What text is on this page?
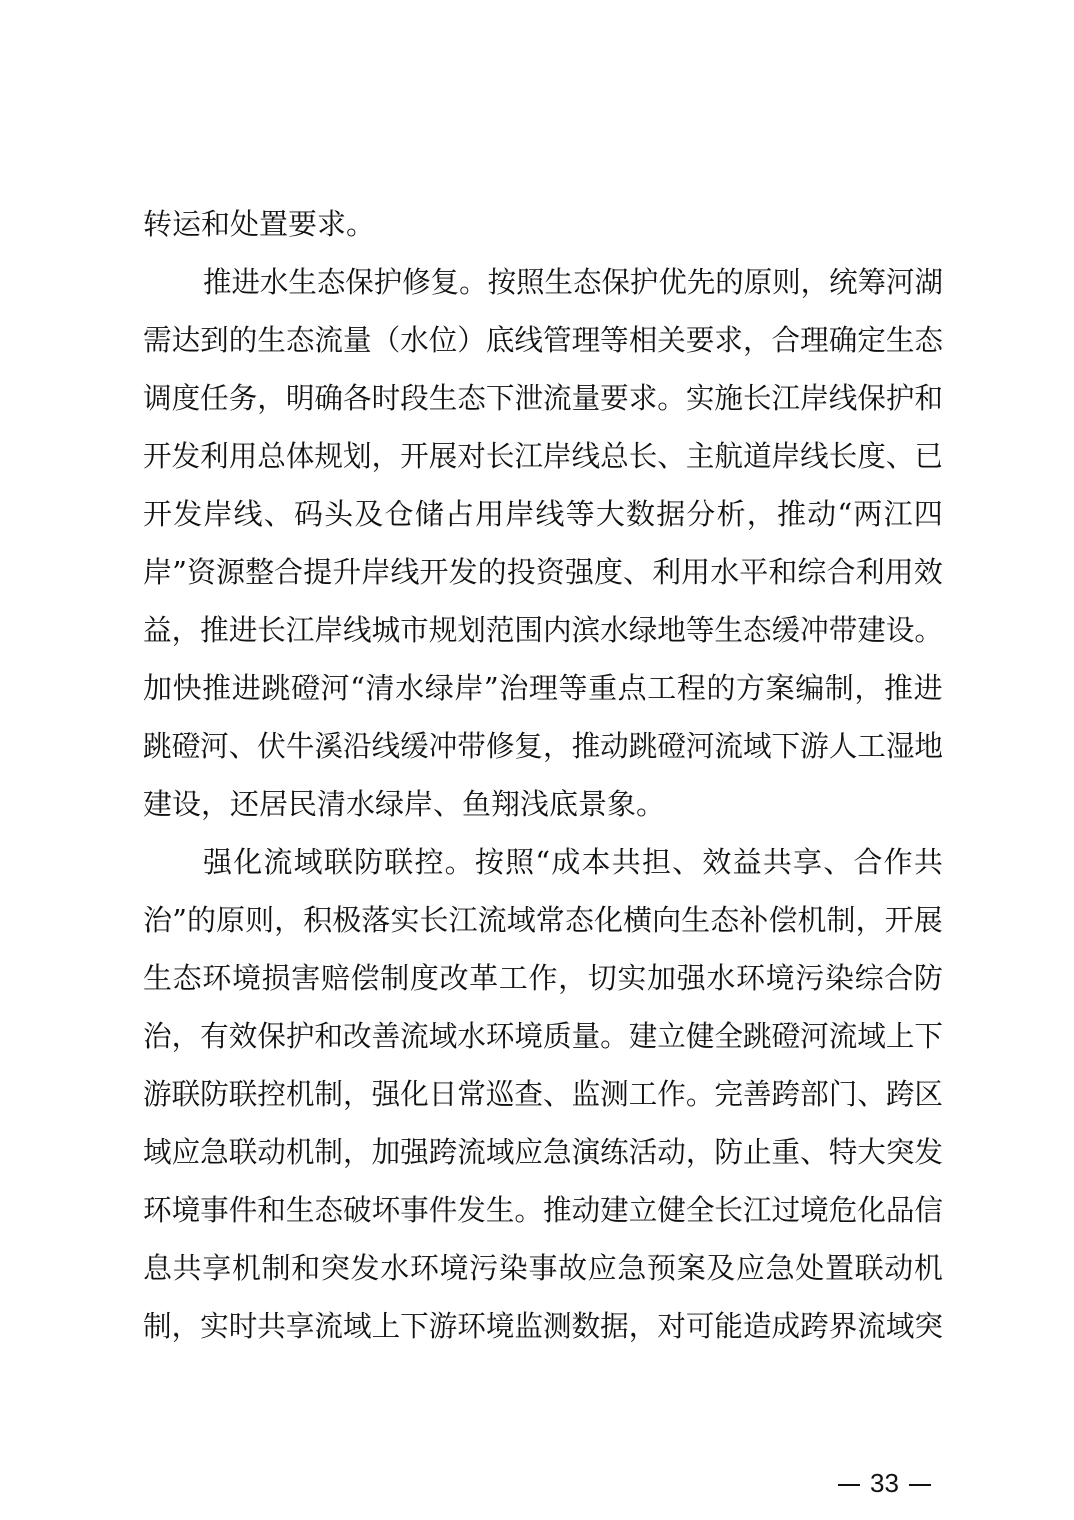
转运和处置要求。
推进水生态保护修复。按照生态保护优先的原则，统筹河湖
需达到的生态流量（水位）底线管理等相关要求，合理确定生态
调度任务，明确各时段生态下泄流量要求。实施长江岸线保护和
开发利用总体规划，开展对长江岸线总长、主航道岸线长度、已
开发岸线、码头及仓储占用岸线等大数据分析，推动“两江四
岸”资源整合提升岸线开发的投资强度、利用水平和综合利用效
益，推进长江岸线城市规划范围内滨水绿地等生态缓冲带建设。
加快推进跳磴河“清水绿岸”治理等重点工程的方案编制，推进
跳磴河、伏牛溪沿线缓冲带修复，推动跳磴河流域下游人工湿地
建设，还居民清水绿岸、鱼翔浅底景象。
强化流域联防联控。按照“成本共担、效益共享、合作共
治”的原则，积极落实长江流域常态化横向生态补偿机制，开展
生态环境损害赔偿制度改革工作，切实加强水环境污染综合防
治，有效保护和改善流域水环境质量。建立健全跳磴河流域上下
游联防联控机制，强化日常巡查、监测工作。完善跨部门、跨区
域应急联动机制，加强跨流域应急演练活动，防止重、特大突发
环境事件和生态破坏事件发生。推动建立健全长江过境危化品信
息共享机制和突发水环境污染事故应急预案及应急处置联动机
制，实时共享流域上下游环境监测数据，对可能造成跨界流域突
33
